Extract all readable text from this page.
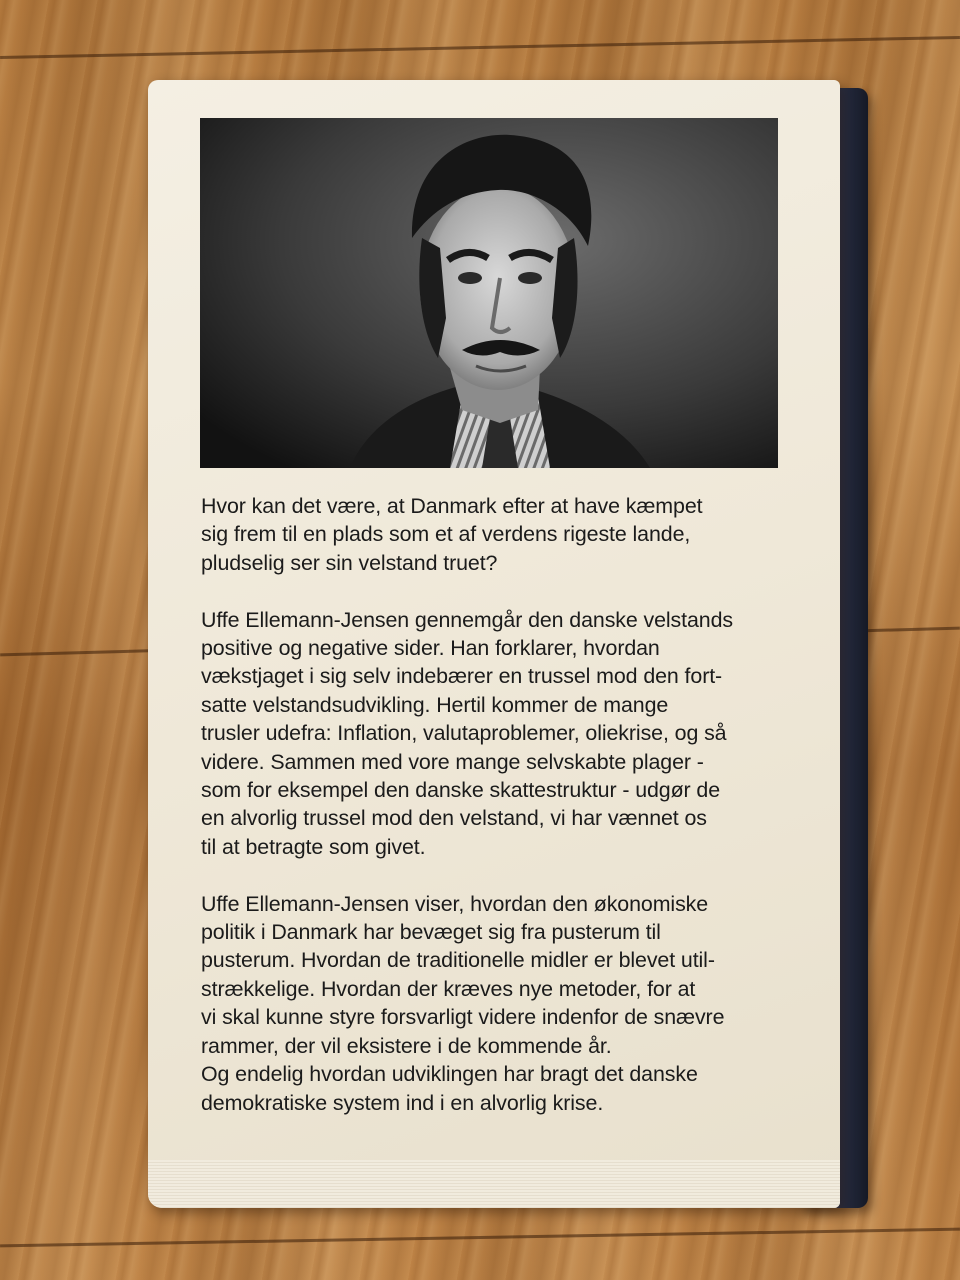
Hvor kan det være, at Danmark efter at have kæmpet
sig frem til en plads som et af verdens rigeste lande,
pludselig ser sin velstand truet?

Uffe Ellemann-Jensen gennemgår den danske velstands
positive og negative sider. Han forklarer, hvordan
vækstjaget i sig selv indebærer en trussel mod den fort-
satte velstandsudvikling. Hertil kommer de mange
trusler udefra: Inflation, valutaproblemer, oliekrise, og så
videre. Sammen med vore mange selvskabte plager -
som for eksempel den danske skattestruktur - udgør de
en alvorlig trussel mod den velstand, vi har vænnet os
til at betragte som givet.

Uffe Ellemann-Jensen viser, hvordan den økonomiske
politik i Danmark har bevæget sig fra pusterum til
pusterum. Hvordan de traditionelle midler er blevet util-
strækkelige. Hvordan der kræves nye metoder, for at
vi skal kunne styre forsvarligt videre indenfor de snævre
rammer, der vil eksistere i de kommende år.
Og endelig hvordan udviklingen har bragt det danske
demokratiske system ind i en alvorlig krise.
